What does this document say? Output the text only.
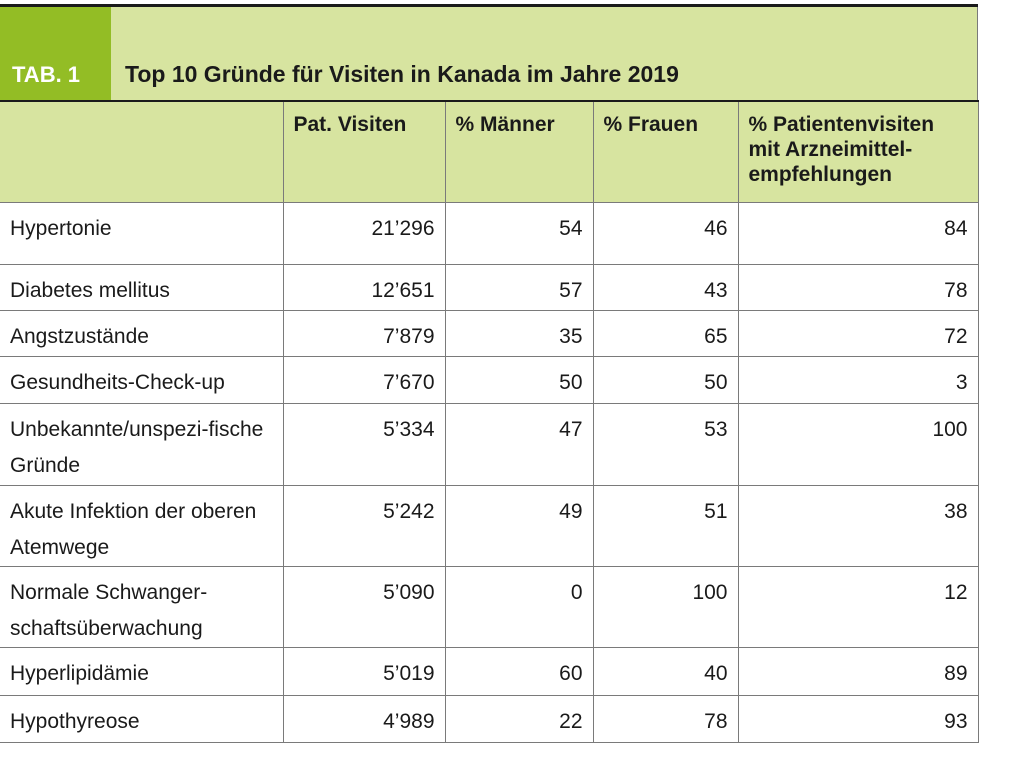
TAB. 1	Top 10 Gründe für Visiten in Kanada im Jahre 2019
	Pat. Visiten	% Männer	% Frauen	% Patientenvisiten mit Arzneimittel-empfehlungen
Hypertonie	21’296	54	46	84
Diabetes mellitus	12’651	57	43	78
Angstzustände	7’879	35	65	72
Gesundheits-Check-up	7’670	50	50	3
Unbekannte/unspezi-fische Gründe	5’334	47	53	100
Akute Infektion der oberen Atemwege	5’242	49	51	38
Normale Schwanger-schaftsüberwachung	5’090	0	100	12
Hyperlipidämie	5’019	60	40	89
Hypothyreose	4’989	22	78	93
